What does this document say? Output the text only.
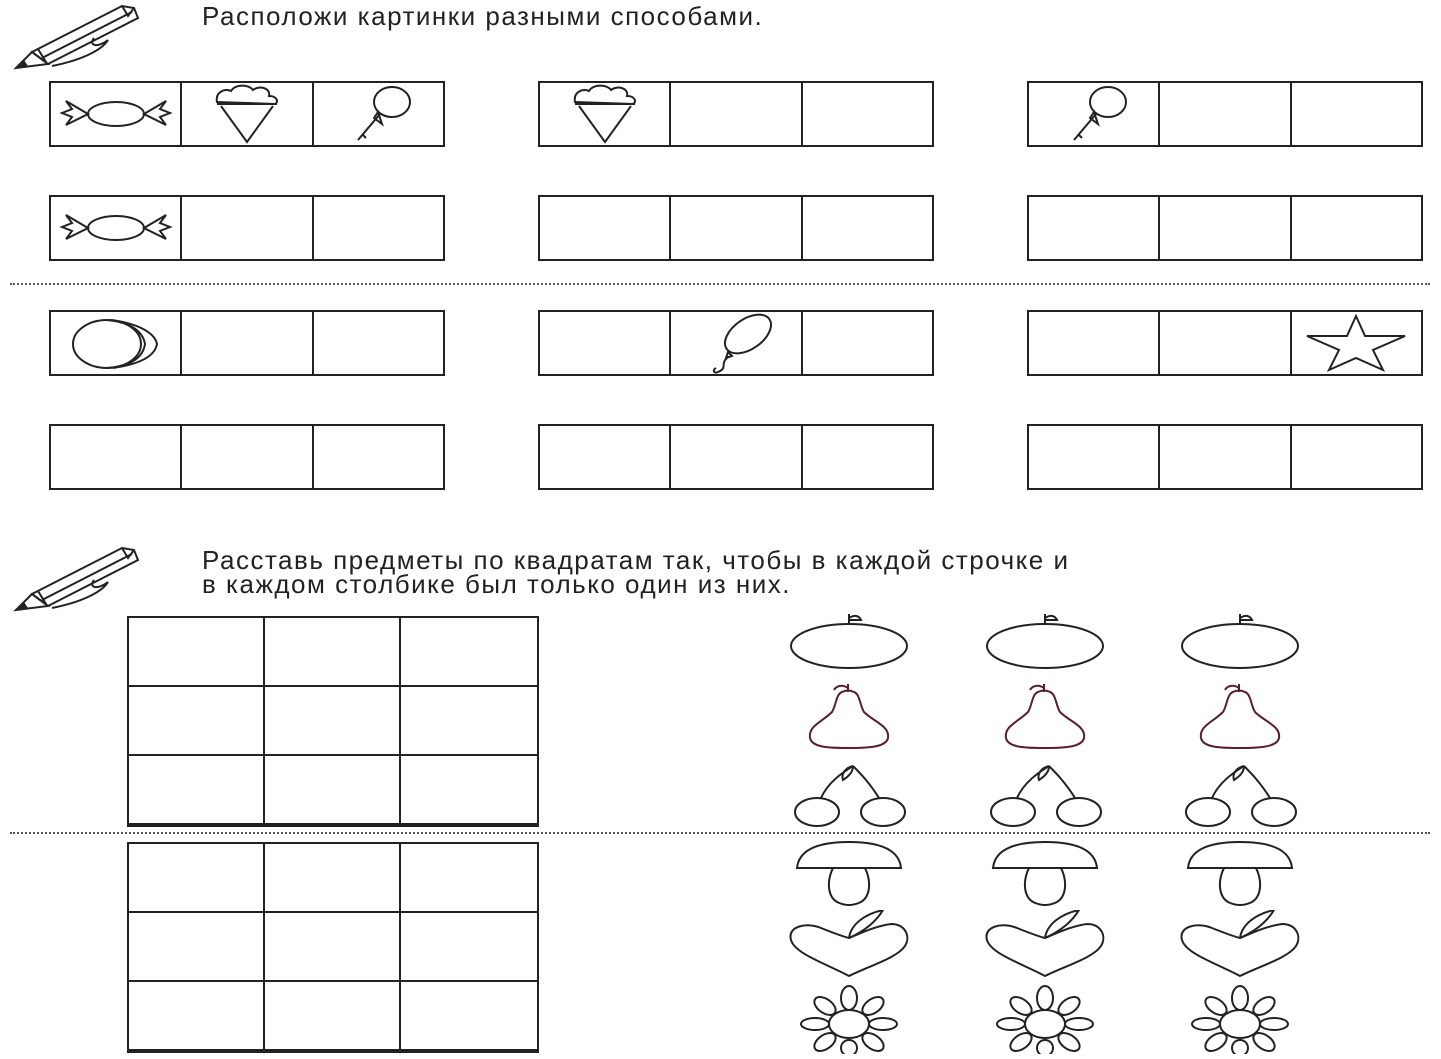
Расположи картинки разными способами.
Расставь предметы по квадратам так, чтобы в каждой строчке и
в каждом столбике был только один из них.
